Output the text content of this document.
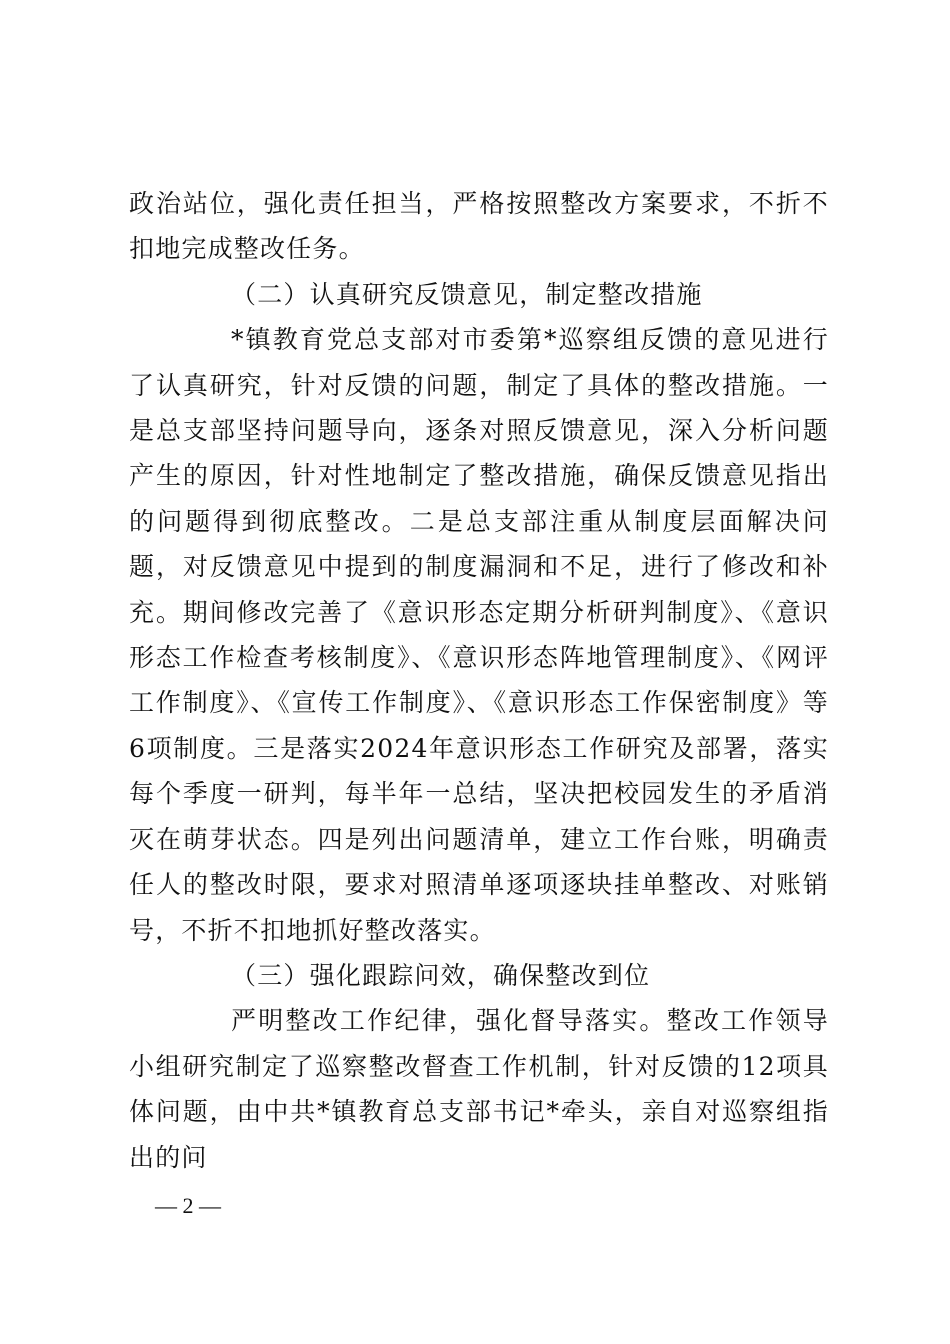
政治站位，强化责任担当，严格按照整改方案要求，不折不扣地完成整改任务。

（二）认真研究反馈意见，制定整改措施

*镇教育党总支部对市委第*巡察组反馈的意见进行了认真研究，针对反馈的问题，制定了具体的整改措施。一是总支部坚持问题导向，逐条对照反馈意见，深入分析问题产生的原因，针对性地制定了整改措施，确保反馈意见指出的问题得到彻底整改。二是总支部注重从制度层面解决问题，对反馈意见中提到的制度漏洞和不足，进行了修改和补充。期间修改完善了《意识形态定期分析研判制度》、《意识形态工作检查考核制度》、《意识形态阵地管理制度》、《网评工作制度》、《宣传工作制度》、《意识形态工作保密制度》等6项制度。三是落实2024年意识形态工作研究及部署，落实每个季度一研判，每半年一总结，坚决把校园发生的矛盾消灭在萌芽状态。四是列出问题清单，建立工作台账，明确责任人的整改时限，要求对照清单逐项逐块挂单整改、对账销号，不折不扣地抓好整改落实。

（三）强化跟踪问效，确保整改到位

严明整改工作纪律，强化督导落实。整改工作领导小组研究制定了巡察整改督查工作机制，针对反馈的12项具体问题，由中共*镇教育总支部书记*牵头，亲自对巡察组指出的问

— 2 —
